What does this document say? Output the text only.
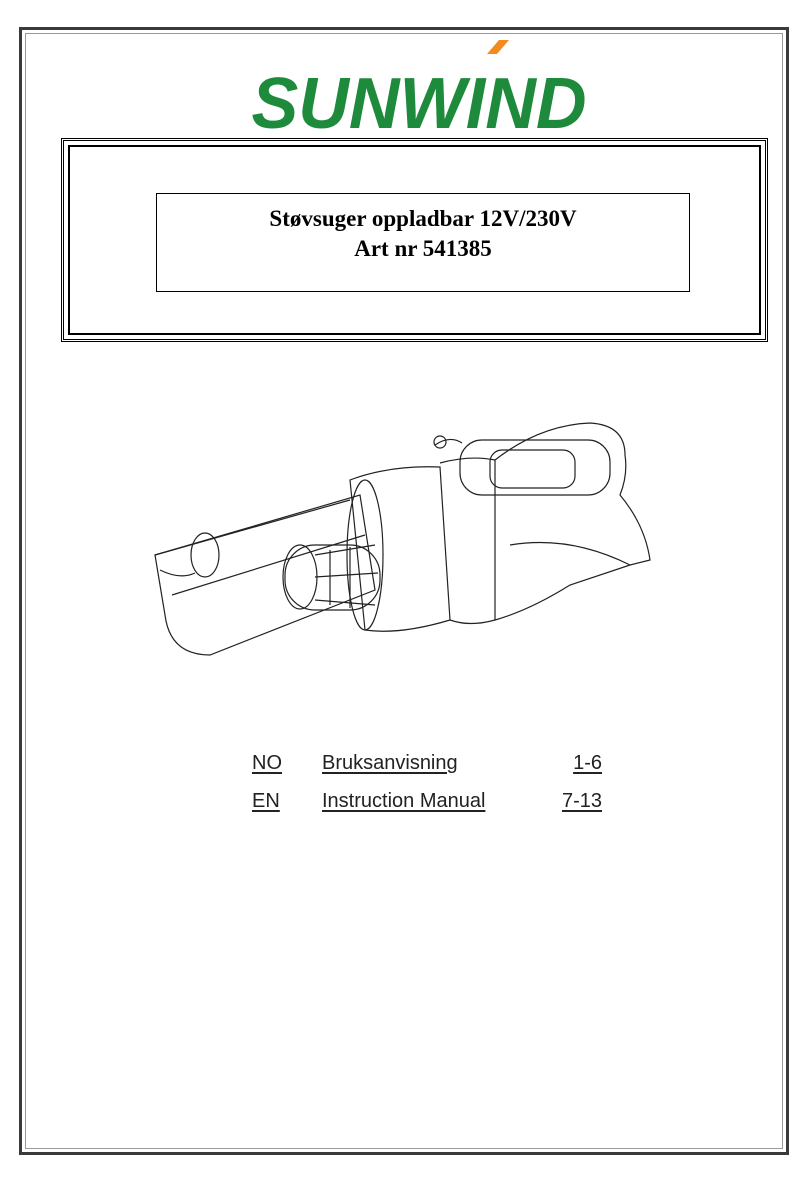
SUNWIND
Støvsuger oppladbar 12V/230V
Art nr 541385
NO Bruksanvisning	1-6
EN Instruction Manual	7-13
